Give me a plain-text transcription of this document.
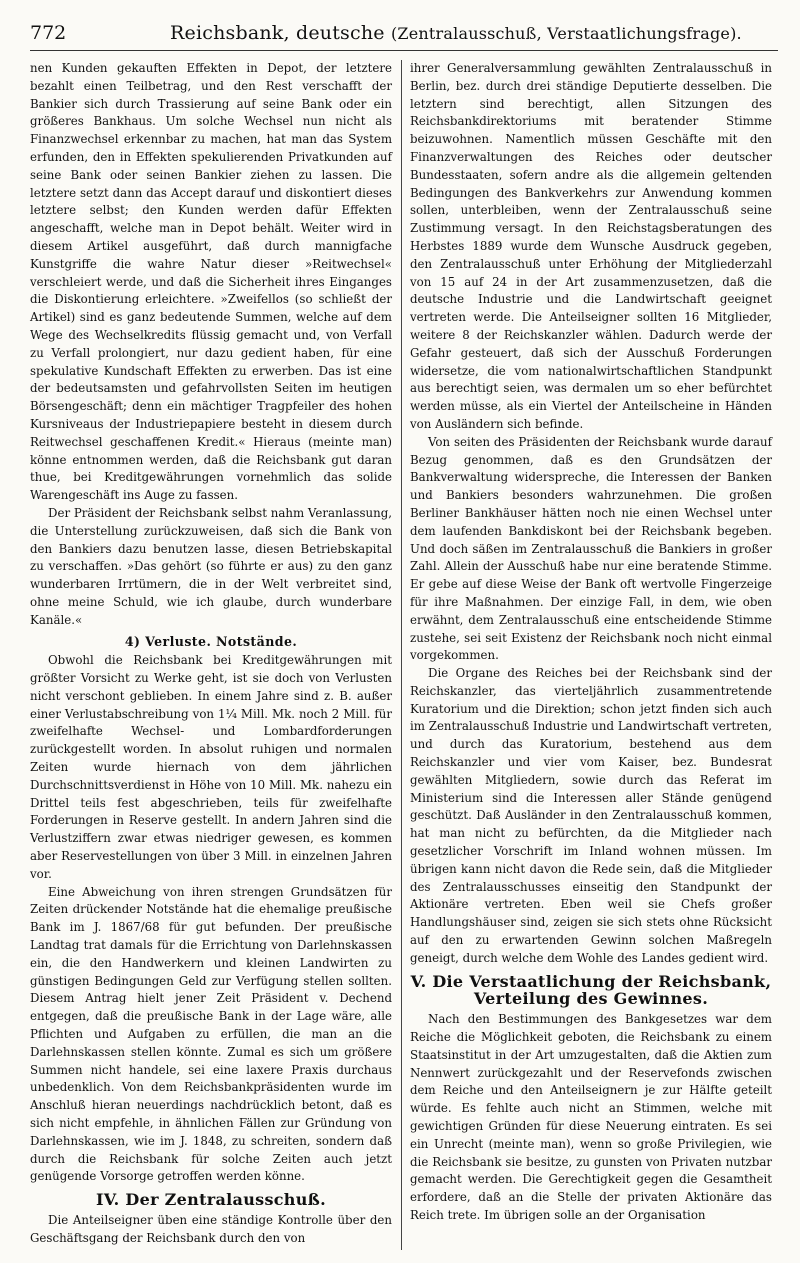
772	Reichsbank, deutsche (Zentralausschuß, Verstaatlichungsfrage).

nen Kunden gekauften Effekten in Depot, der letztere bezahlt einen Teilbetrag, und den Rest verschafft der Bankier sich durch Trassierung auf seine Bank oder ein größeres Bankhaus. Um solche Wechsel nun nicht als Finanzwechsel erkennbar zu machen, hat man das System erfunden, den in Effekten spekulierenden Privatkunden auf seine Bank oder seinen Bankier ziehen zu lassen. Die letztere setzt dann das Accept darauf und diskontiert dieses letztere selbst; den Kunden werden dafür Effekten angeschafft, welche man in Depot behält. Weiter wird in diesem Artikel ausgeführt, daß durch mannigfache Kunstgriffe die wahre Natur dieser »Reitwechsel« verschleiert werde, und daß die Sicherheit ihres Einganges die Diskontierung erleichtere. »Zweifellos (so schließt der Artikel) sind es ganz bedeutende Summen, welche auf dem Wege des Wechselkredits flüssig gemacht und, von Verfall zu Verfall prolongiert, nur dazu gedient haben, für eine spekulative Kundschaft Effekten zu erwerben. Das ist eine der bedeutsamsten und gefahrvollsten Seiten im heutigen Börsengeschäft; denn ein mächtiger Tragpfeiler des hohen Kursniveaus der Industriepapiere besteht in diesem durch Reitwechsel geschaffenen Kredit.« Hieraus (meinte man) könne entnommen werden, daß die Reichsbank gut daran thue, bei Kreditgewährungen vornehmlich das solide Warengeschäft ins Auge zu fassen.

Der Präsident der Reichsbank selbst nahm Veranlassung, die Unterstellung zurückzuweisen, daß sich die Bank von den Bankiers dazu benutzen lasse, diesen Betriebskapital zu verschaffen. »Das gehört (so führte er aus) zu den ganz wunderbaren Irrtümern, die in der Welt verbreitet sind, ohne meine Schuld, wie ich glaube, durch wunderbare Kanäle.«

4) Verluste. Notstände.

Obwohl die Reichsbank bei Kreditgewährungen mit größter Vorsicht zu Werke geht, ist sie doch von Verlusten nicht verschont geblieben. In einem Jahre sind z. B. außer einer Verlustabschreibung von 1¼ Mill. Mk. noch 2 Mill. für zweifelhafte Wechsel- und Lombardforderungen zurückgestellt worden. In absolut ruhigen und normalen Zeiten wurde hiernach von dem jährlichen Durchschnittsverdienst in Höhe von 10 Mill. Mk. nahezu ein Drittel teils fest abgeschrieben, teils für zweifelhafte Forderungen in Reserve gestellt. In andern Jahren sind die Verlustziffern zwar etwas niedriger gewesen, es kommen aber Reservestellungen von über 3 Mill. in einzelnen Jahren vor.

Eine Abweichung von ihren strengen Grundsätzen für Zeiten drückender Notstände hat die ehemalige preußische Bank im J. 1867/68 für gut befunden. Der preußische Landtag trat damals für die Errichtung von Darlehnskassen ein, die den Handwerkern und kleinen Landwirten zu günstigen Bedingungen Geld zur Verfügung stellen sollten. Diesem Antrag hielt jener Zeit Präsident v. Dechend entgegen, daß die preußische Bank in der Lage wäre, alle Pflichten und Aufgaben zu erfüllen, die man an die Darlehnskassen stellen könnte. Zumal es sich um größere Summen nicht handele, sei eine laxere Praxis durchaus unbedenklich. Von dem Reichsbankpräsidenten wurde im Anschluß hieran neuerdings nachdrücklich betont, daß es sich nicht empfehle, in ähnlichen Fällen zur Gründung von Darlehnskassen, wie im J. 1848, zu schreiten, sondern daß durch die Reichsbank für solche Zeiten auch jetzt genügende Vorsorge getroffen werden könne.

IV. Der Zentralausschuß.

Die Anteilseigner üben eine ständige Kontrolle über den Geschäftsgang der Reichsbank durch den von

ihrer Generalversammlung gewählten Zentralausschuß in Berlin, bez. durch drei ständige Deputierte desselben. Die letztern sind berechtigt, allen Sitzungen des Reichsbankdirektoriums mit beratender Stimme beizuwohnen. Namentlich müssen Geschäfte mit den Finanzverwaltungen des Reiches oder deutscher Bundesstaaten, sofern andre als die allgemein geltenden Bedingungen des Bankverkehrs zur Anwendung kommen sollen, unterbleiben, wenn der Zentralausschuß seine Zustimmung versagt. In den Reichstagsberatungen des Herbstes 1889 wurde dem Wunsche Ausdruck gegeben, den Zentralausschuß unter Erhöhung der Mitgliederzahl von 15 auf 24 in der Art zusammenzusetzen, daß die deutsche Industrie und die Landwirtschaft geeignet vertreten werde. Die Anteilseigner sollten 16 Mitglieder, weitere 8 der Reichskanzler wählen. Dadurch werde der Gefahr gesteuert, daß sich der Ausschuß Forderungen widersetze, die vom nationalwirtschaftlichen Standpunkt aus berechtigt seien, was dermalen um so eher befürchtet werden müsse, als ein Viertel der Anteilscheine in Händen von Ausländern sich befinde.

Von seiten des Präsidenten der Reichsbank wurde darauf Bezug genommen, daß es den Grundsätzen der Bankverwaltung widerspreche, die Interessen der Banken und Bankiers besonders wahrzunehmen. Die großen Berliner Bankhäuser hätten noch nie einen Wechsel unter dem laufenden Bankdiskont bei der Reichsbank begeben. Und doch säßen im Zentralausschuß die Bankiers in großer Zahl. Allein der Ausschuß habe nur eine beratende Stimme. Er gebe auf diese Weise der Bank oft wertvolle Fingerzeige für ihre Maßnahmen. Der einzige Fall, in dem, wie oben erwähnt, dem Zentralausschuß eine entscheidende Stimme zustehe, sei seit Existenz der Reichsbank noch nicht einmal vorgekommen.

Die Organe des Reiches bei der Reichsbank sind der Reichskanzler, das vierteljährlich zusammentretende Kuratorium und die Direktion; schon jetzt finden sich auch im Zentralausschuß Industrie und Landwirtschaft vertreten, und durch das Kuratorium, bestehend aus dem Reichskanzler und vier vom Kaiser, bez. Bundesrat gewählten Mitgliedern, sowie durch das Referat im Ministerium sind die Interessen aller Stände genügend geschützt. Daß Ausländer in den Zentralausschuß kommen, hat man nicht zu befürchten, da die Mitglieder nach gesetzlicher Vorschrift im Inland wohnen müssen. Im übrigen kann nicht davon die Rede sein, daß die Mitglieder des Zentralausschusses einseitig den Standpunkt der Aktionäre vertreten. Eben weil sie Chefs großer Handlungshäuser sind, zeigen sie sich stets ohne Rücksicht auf den zu erwartenden Gewinn solchen Maßregeln geneigt, durch welche dem Wohle des Landes gedient wird.

V. Die Verstaatlichung der Reichsbank, Verteilung des Gewinnes.

Nach den Bestimmungen des Bankgesetzes war dem Reiche die Möglichkeit geboten, die Reichsbank zu einem Staatsinstitut in der Art umzugestalten, daß die Aktien zum Nennwert zurückgezahlt und der Reservefonds zwischen dem Reiche und den Anteilseignern je zur Hälfte geteilt würde. Es fehlte auch nicht an Stimmen, welche mit gewichtigen Gründen für diese Neuerung eintraten. Es sei ein Unrecht (meinte man), wenn so große Privilegien, wie die Reichsbank sie besitze, zu gunsten von Privaten nutzbar gemacht werden. Die Gerechtigkeit gegen die Gesamtheit erfordere, daß an die Stelle der privaten Aktionäre das Reich trete. Im übrigen solle an der Organisation
